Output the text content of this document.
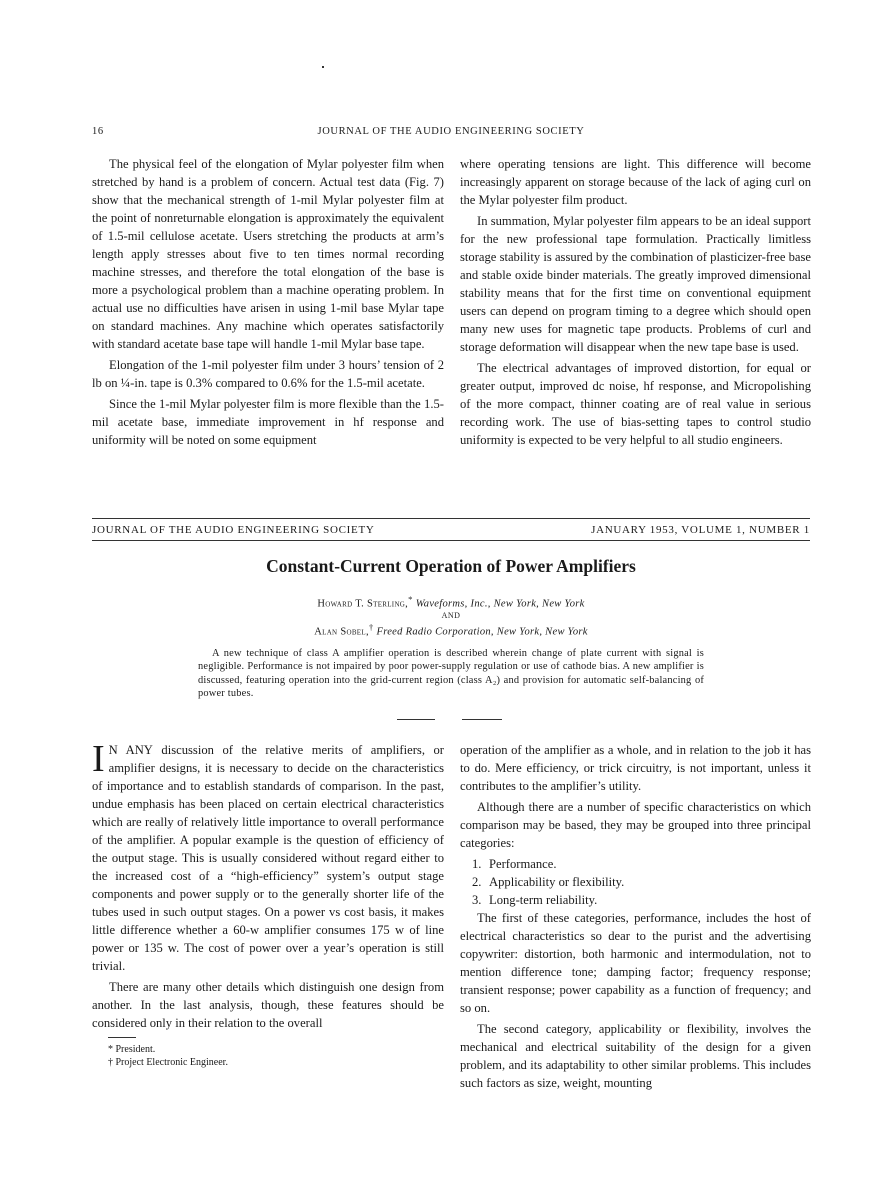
16	JOURNAL OF THE AUDIO ENGINEERING SOCIETY

The physical feel of the elongation of Mylar polyester film when stretched by hand is a problem of concern. Actual test data (Fig. 7) show that the mechanical strength of 1-mil Mylar polyester film at the point of nonreturnable elongation is approximately the equivalent of 1.5-mil cellulose acetate. Users stretching the products at arm’s length apply stresses about five to ten times normal recording machine stresses, and therefore the total elongation of the base is more a psychological problem than a machine operating problem. In actual use no difficulties have arisen in using 1-mil base Mylar tape on standard machines. Any machine which operates satisfactorily with standard acetate base tape will handle 1-mil Mylar base tape.

Elongation of the 1-mil polyester film under 3 hours’ tension of 2 lb on ¼-in. tape is 0.3% compared to 0.6% for the 1.5-mil acetate.

Since the 1-mil Mylar polyester film is more flexible than the 1.5-mil acetate base, immediate improvement in hf response and uniformity will be noted on some equipment

where operating tensions are light. This difference will become increasingly apparent on storage because of the lack of aging curl on the Mylar polyester film product.

In summation, Mylar polyester film appears to be an ideal support for the new professional tape formulation. Practically limitless storage stability is assured by the combination of plasticizer-free base and stable oxide binder materials. The greatly improved dimensional stability means that for the first time on conventional equipment users can depend on program timing to a degree which should open many new uses for magnetic tape products. Problems of curl and storage deformation will disappear when the new tape base is used.

The electrical advantages of improved distortion, for equal or greater output, improved dc noise, hf response, and Micropolishing of the more compact, thinner coating are of real value in serious recording work. The use of bias-setting tapes to control studio uniformity is expected to be very helpful to all studio engineers.

JOURNAL OF THE AUDIO ENGINEERING SOCIETY	JANUARY 1953, VOLUME 1, NUMBER 1
Constant-Current Operation of Power Amplifiers
Howard T. Sterling,* Waveforms, Inc., New York, New York
AND
Alan Sobel,† Freed Radio Corporation, New York, New York

A new technique of class A amplifier operation is described wherein change of plate current with signal is negligible. Performance is not impaired by poor power-supply regulation or use of cathode bias. A new amplifier is discussed, featuring operation into the grid-current region (class A₂) and provision for automatic self-balancing of power tubes.

I N ANY discussion of the relative merits of amplifiers, or amplifier designs, it is necessary to decide on the characteristics of importance and to establish standards of comparison. In the past, undue emphasis has been placed on certain electrical characteristics which are really of relatively little importance to overall performance of the amplifier. A popular example is the question of efficiency of the output stage. This is usually considered without regard either to the increased cost of a “high-efficiency” system’s output stage components and power supply or to the generally shorter life of the tubes used in such output stages. On a power vs cost basis, it makes little difference whether a 60-w amplifier consumes 175 w of line power or 135 w. The cost of power over a year’s operation is still trivial.

There are many other details which distinguish one design from another. In the last analysis, though, these features should be considered only in their relation to the overall

operation of the amplifier as a whole, and in relation to the job it has to do. Mere efficiency, or trick circuitry, is not important, unless it contributes to the amplifier’s utility.

Although there are a number of specific characteristics on which comparison may be based, they may be grouped into three principal categories:

1. Performance.
2. Applicability or flexibility.
3. Long-term reliability.

The first of these categories, performance, includes the host of electrical characteristics so dear to the purist and the advertising copywriter: distortion, both harmonic and intermodulation, not to mention difference tone; damping factor; frequency response; transient response; power capability as a function of frequency; and so on.

The second category, applicability or flexibility, involves the mechanical and electrical suitability of the design for a given problem, and its adaptability to other similar problems. This includes such factors as size, weight, mounting

* President.
† Project Electronic Engineer.
